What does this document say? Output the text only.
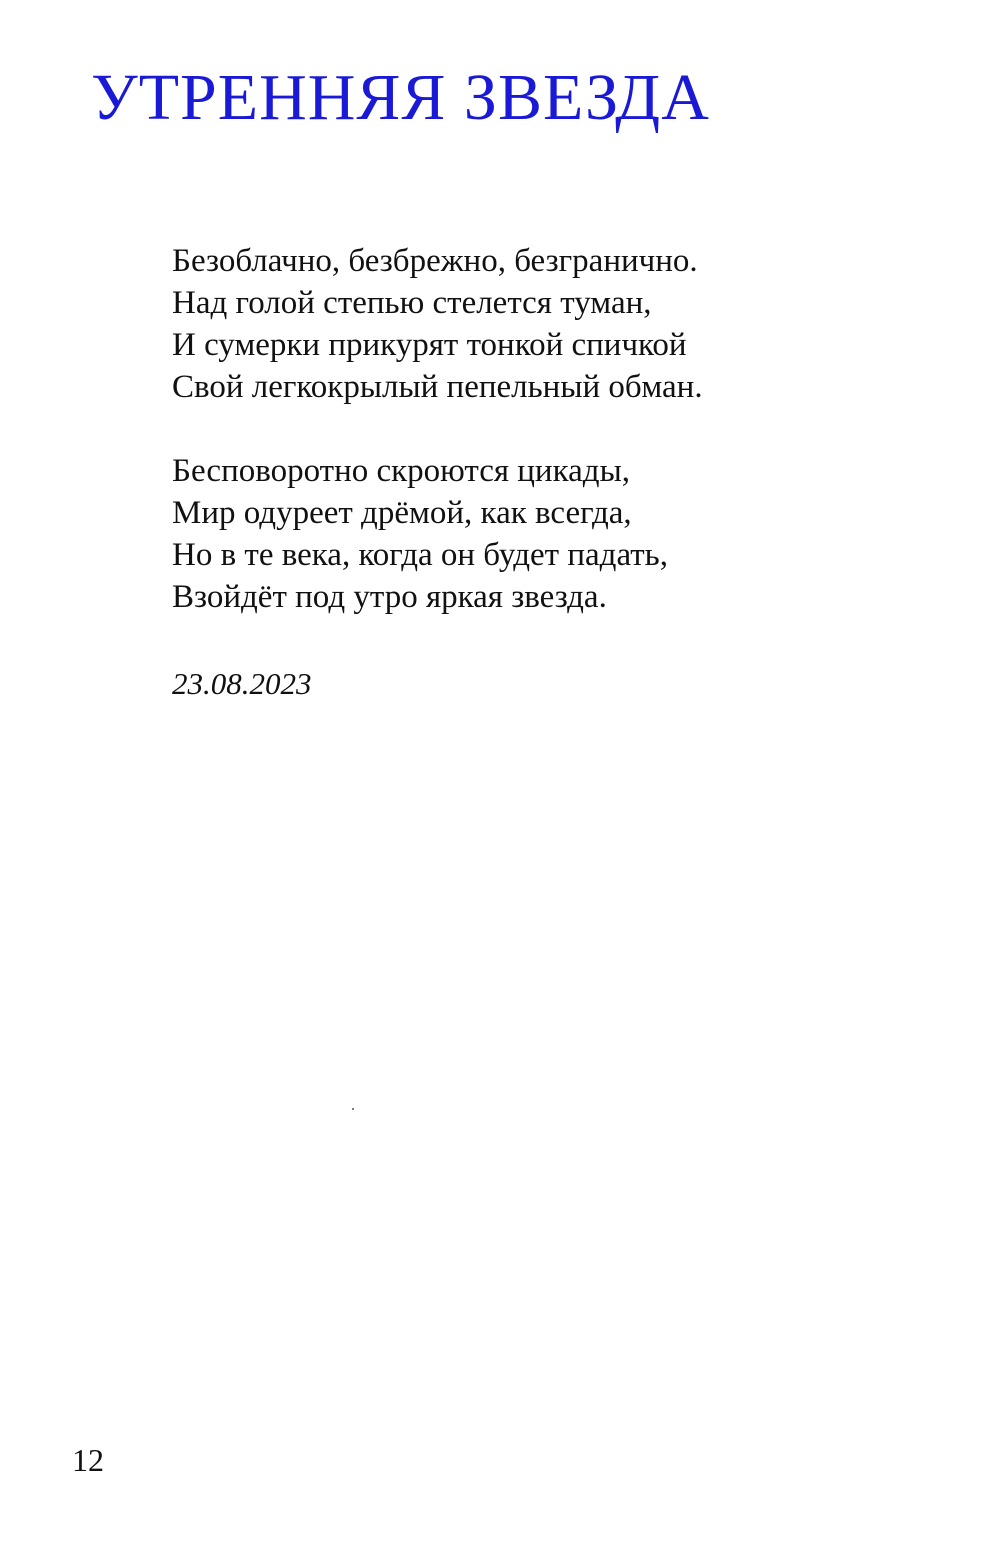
УТРЕННЯЯ ЗВЕЗДА
Безоблачно, безбрежно, безгранично.
Над голой степью стелется туман,
И сумерки прикурят тонкой спичкой
Свой легкокрылый пепельный обман.
Бесповоротно скроются цикады,
Мир одуреет дрёмой, как всегда,
Но в те века, когда он будет падать,
Взойдёт под утро яркая звезда.
23.08.2023
12
